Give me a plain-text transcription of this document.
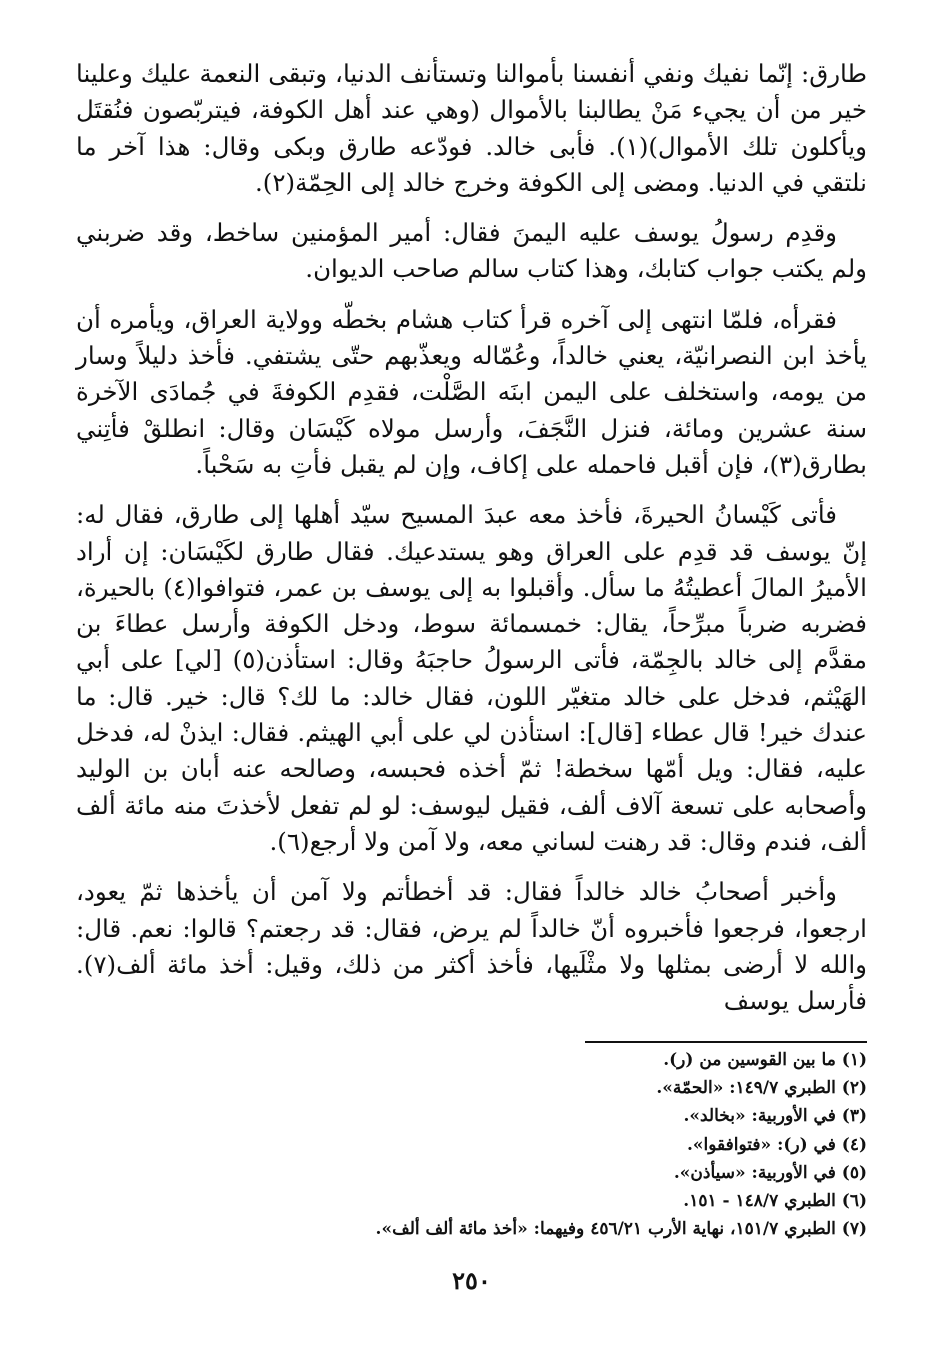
طارق: إنّما نفيك ونفي أنفسنا بأموالنا وتستأنف الدنيا، وتبقى النعمة عليك وعلينا خير من أن يجيء مَنْ يطالبنا بالأموال (وهي عند أهل الكوفة، فيتربّصون فنُقتَل ويأكلون تلك الأموال)(١). فأبى خالد. فودّعه طارق وبكى وقال: هذا آخر ما نلتقي في الدنيا. ومضى إلى الكوفة وخرج خالد إلى الحِمّة(٢).

وقدِم رسولُ يوسف عليه اليمنَ فقال: أمير المؤمنين ساخط، وقد ضربني ولم يكتب جواب كتابك، وهذا كتاب سالم صاحب الديوان.

فقرأه، فلمّا انتهى إلى آخره قرأ كتاب هشام بخطّه وولاية العراق، ويأمره أن يأخذ ابن النصرانيّة، يعني خالداً، وعُمّاله ويعذّبهم حتّى يشتفي. فأخذ دليلاً وسار من يومه، واستخلف على اليمن ابنَه الصَّلْت، فقدِم الكوفةَ في جُمادَى الآخرة سنة عشرين ومائة، فنزل النَّجَفَ، وأرسل مولاه كَيْسَان وقال: انطلقْ فأتِني بطارق(٣)، فإن أقبل فاحمله على إكاف، وإن لم يقبل فأتِ به سَحْباً.

فأتى كَيْسانُ الحيرةَ، فأخذ معه عبدَ المسيح سيّد أهلها إلى طارق، فقال له: إنّ يوسف قد قدِم على العراق وهو يستدعيك. فقال طارق لكَيْسَان: إن أراد الأميرُ المالَ أعطيتُهُ ما سأل. وأقبلوا به إلى يوسف بن عمر، فتوافوا(٤) بالحيرة، فضربه ضرباً مبرِّحاً، يقال: خمسمائة سوط، ودخل الكوفة وأرسل عطاءَ بن مقدَّم إلى خالد بالجِمّة، فأتى الرسولُ حاجبَهُ وقال: استأذن(٥) [لي] على أبي الهَيْثم، فدخل على خالد متغيّر اللون، فقال خالد: ما لك؟ قال: خير. قال: ما عندك خير! قال عطاء [قال]: استأذن لي على أبي الهيثم. فقال: ايذنْ له، فدخل عليه، فقال: ويل أمّها سخطة! ثمّ أخذه فحبسه، وصالحه عنه أبان بن الوليد وأصحابه على تسعة آلاف ألف، فقيل ليوسف: لو لم تفعل لأخذتَ منه مائة ألف ألف، فندم وقال: قد رهنت لساني معه، ولا آمن ولا أرجع(٦).

وأخبر أصحابُ خالد خالداً فقال: قد أخطأتم ولا آمن أن يأخذها ثمّ يعود، ارجعوا، فرجعوا فأخبروه أنّ خالداً لم يرض، فقال: قد رجعتم؟ قالوا: نعم. قال: والله لا أرضى بمثلها ولا مثْلَيها، فأخذ أكثر من ذلك، وقيل: أخذ مائة ألف(٧). فأرسل يوسف

(١) ما بين القوسين من (ر).
(٢) الطبري ١٤٩/٧: «الحمّة».
(٣) في الأوربية: «بخالد».
(٤) في (ر): «فتوافقوا».
(٥) في الأوربية: «سيأذن».
(٦) الطبري ١٤٨/٧ - ١٥١.
(٧) الطبري ١٥١/٧، نهاية الأرب ٤٥٦/٢١ وفيهما: «أخذ مائة ألف ألف».
٢٥٠
